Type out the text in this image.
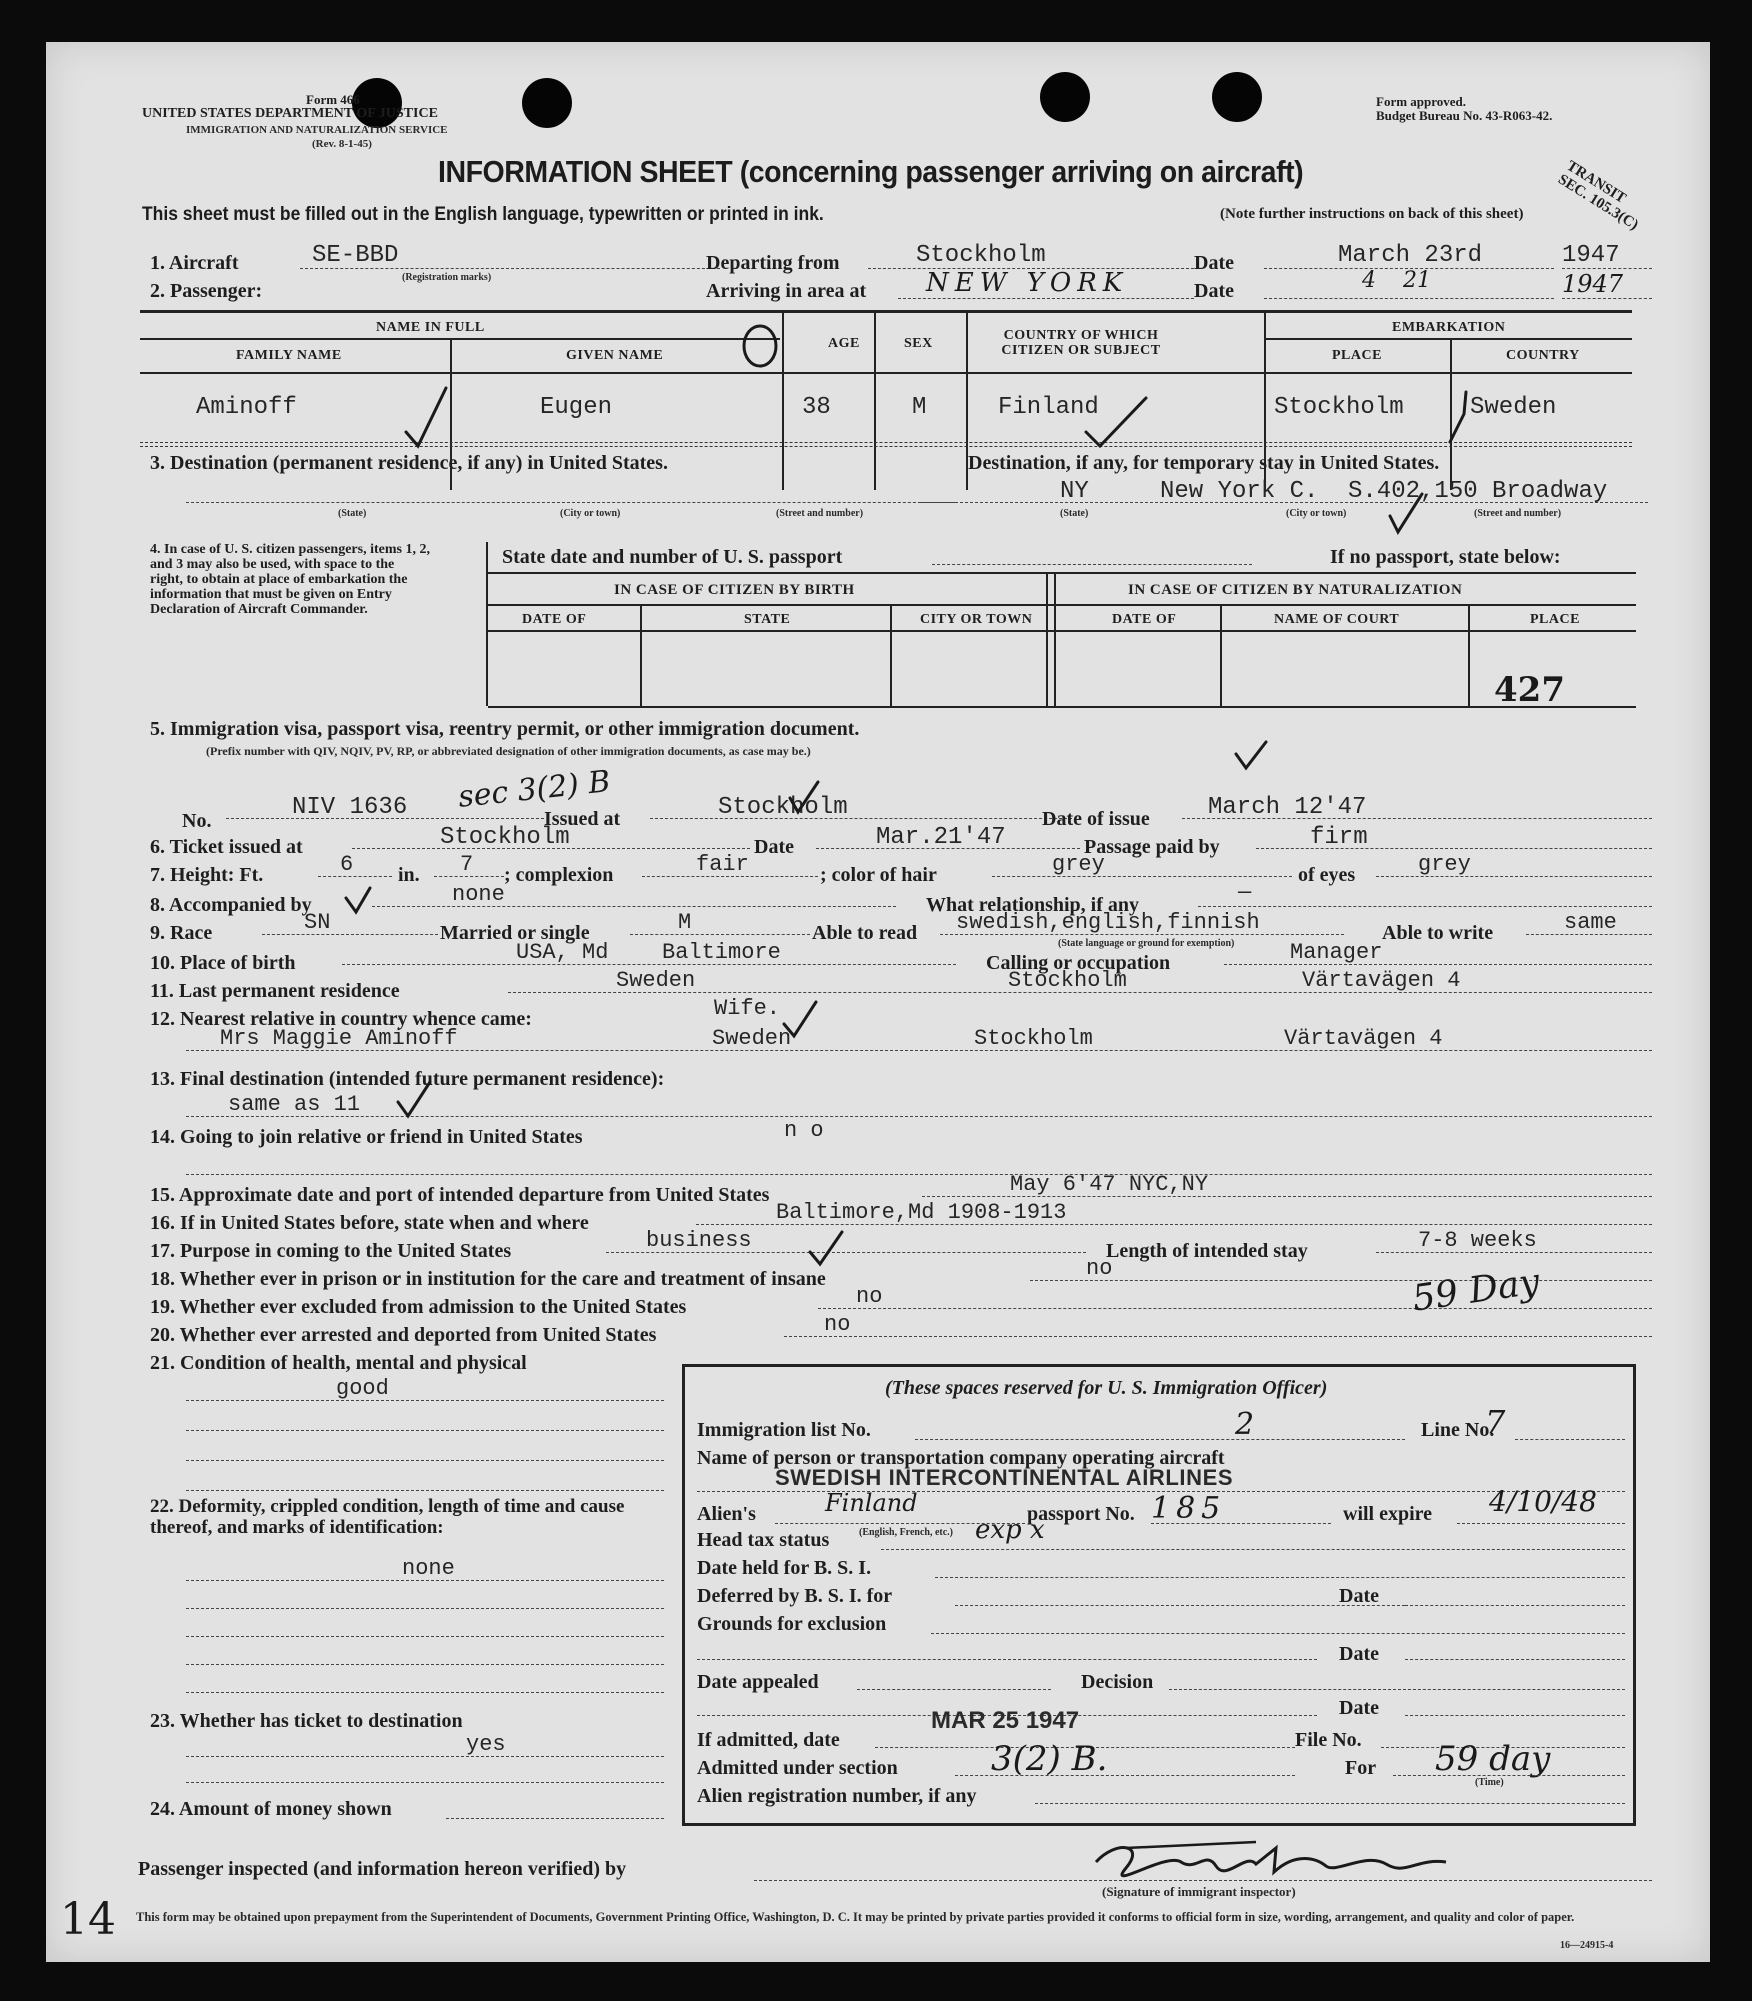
Form 466
UNITED STATES DEPARTMENT OF JUSTICE
IMMIGRATION AND NATURALIZATION SERVICE
(Rev. 8-1-45)
Form approved.
Budget Bureau No. 43-R063-42.
INFORMATION SHEET (concerning passenger arriving on aircraft)
This sheet must be filled out in the English language, typewritten or printed in ink.	(Note further instructions on back of this sheet)
TRANSIT SEC. 105.3(C)
1. Aircraft	SE-BBD
(Registration marks)
Departing from	Stockholm	Date	March 23rd	1947
2. Passenger:	Arriving in area at NEW YORK	Date	4 21	1947
NAME IN FULL
FAMILY NAME	GIVEN NAME
AGE	SEX
COUNTRY OF WHICH CITIZEN OR SUBJECT
EMBARKATION
PLACE	COUNTRY
Aminoff	Eugen	38	M	Finland	Stockholm	Sweden
3. Destination (permanent residence, if any) in United States.	Destination, if any, for temporary stay in United States.
(State)	(City or town)	(Street and number)
NY	New York C. S.402,150 Broadway
(State)	(City or town)	(Street and number)
4. In case of U. S. citizen passengers, items 1, 2, and 3 may also be used, with space to the right, to obtain at place of embarkation the information that must be given on Entry Declaration of Aircraft Commander.
State date and number of U. S. passport	If no passport, state below:
IN CASE OF CITIZEN BY BIRTH	IN CASE OF CITIZEN BY NATURALIZATION
DATE OF	STATE	CITY OR TOWN	DATE OF	NAME OF COURT	PLACE
427
5. Immigration visa, passport visa, reentry permit, or other immigration document.
(Prefix number with QIV, NQIV, PV, RP, or abbreviated designation of other immigration documents, as case may be.)
No.	NIV 1636 sec 3(2) B
Issued at	Stockholm	Date of issue March 12'47
6. Ticket issued at	Stockholm	Date	Mar.21'47	Passage paid by	firm
7. Height: Ft.	6 in. 7 ; complexion	fair	; color of hair	grey	of eyes	grey
8. Accompanied by	none	What relationship, if any	—
9. Race	SN	Married or single	M	Able to read swedish,english,finnish
(State language or ground for exemption)	Able to write	same
10. Place of birth	USA, Md Baltimore	Calling or occupation	Manager
11. Last permanent residence	Sweden	Stockholm	Värtavägen 4
12. Nearest relative in country whence came:	Wife.
Mrs Maggie Aminoff	Sweden	Stockholm	Värtavägen 4
13. Final destination (intended future permanent residence):
same as 11
14. Going to join relative or friend in United States	n o
15. Approximate date and port of intended departure from United States	May 6'47 NYC,NY
16. If in United States before, state when and where	Baltimore,Md 1908-1913
17. Purpose in coming to the United States	business	Length of intended stay	7-8 weeks
18. Whether ever in prison or in institution for the care and treatment of insane	no
19. Whether ever excluded from admission to the United States	no	59 Day
20. Whether ever arrested and deported from United States	no
21. Condition of health, mental and physical
good
22. Deformity, crippled condition, length of time and cause thereof, and marks of identification:
none
23. Whether has ticket to destination
yes
24. Amount of money shown
(These spaces reserved for U. S. Immigration Officer)
Immigration list No.	2	Line No.
7
Name of person or transportation company operating aircraft
SWEDISH INTERCONTINENTAL AIRLINES
Alien's	Finland
(English, French, etc.)
passport No. 185	will expire 4/10/48
Head tax status	exp x
Date held for B. S. I.
Deferred by B. S. I. for	Date
Grounds for exclusion
Date
Date appealed	Decision
Date
If admitted, date
MAR 25 1947
File No.
Admitted under section	3(2) B.	For 59 day
(Time)
Alien registration number, if any
Passenger inspected (and information hereon verified) by
(Signature of immigrant inspector)
14 This form may be obtained upon prepayment from the Superintendent of Documents, Government Printing Office, Washington, D. C. It may be printed by private parties provided it conforms to official form in size, wording, arrangement, and quality and color of paper.
16—24915-4
